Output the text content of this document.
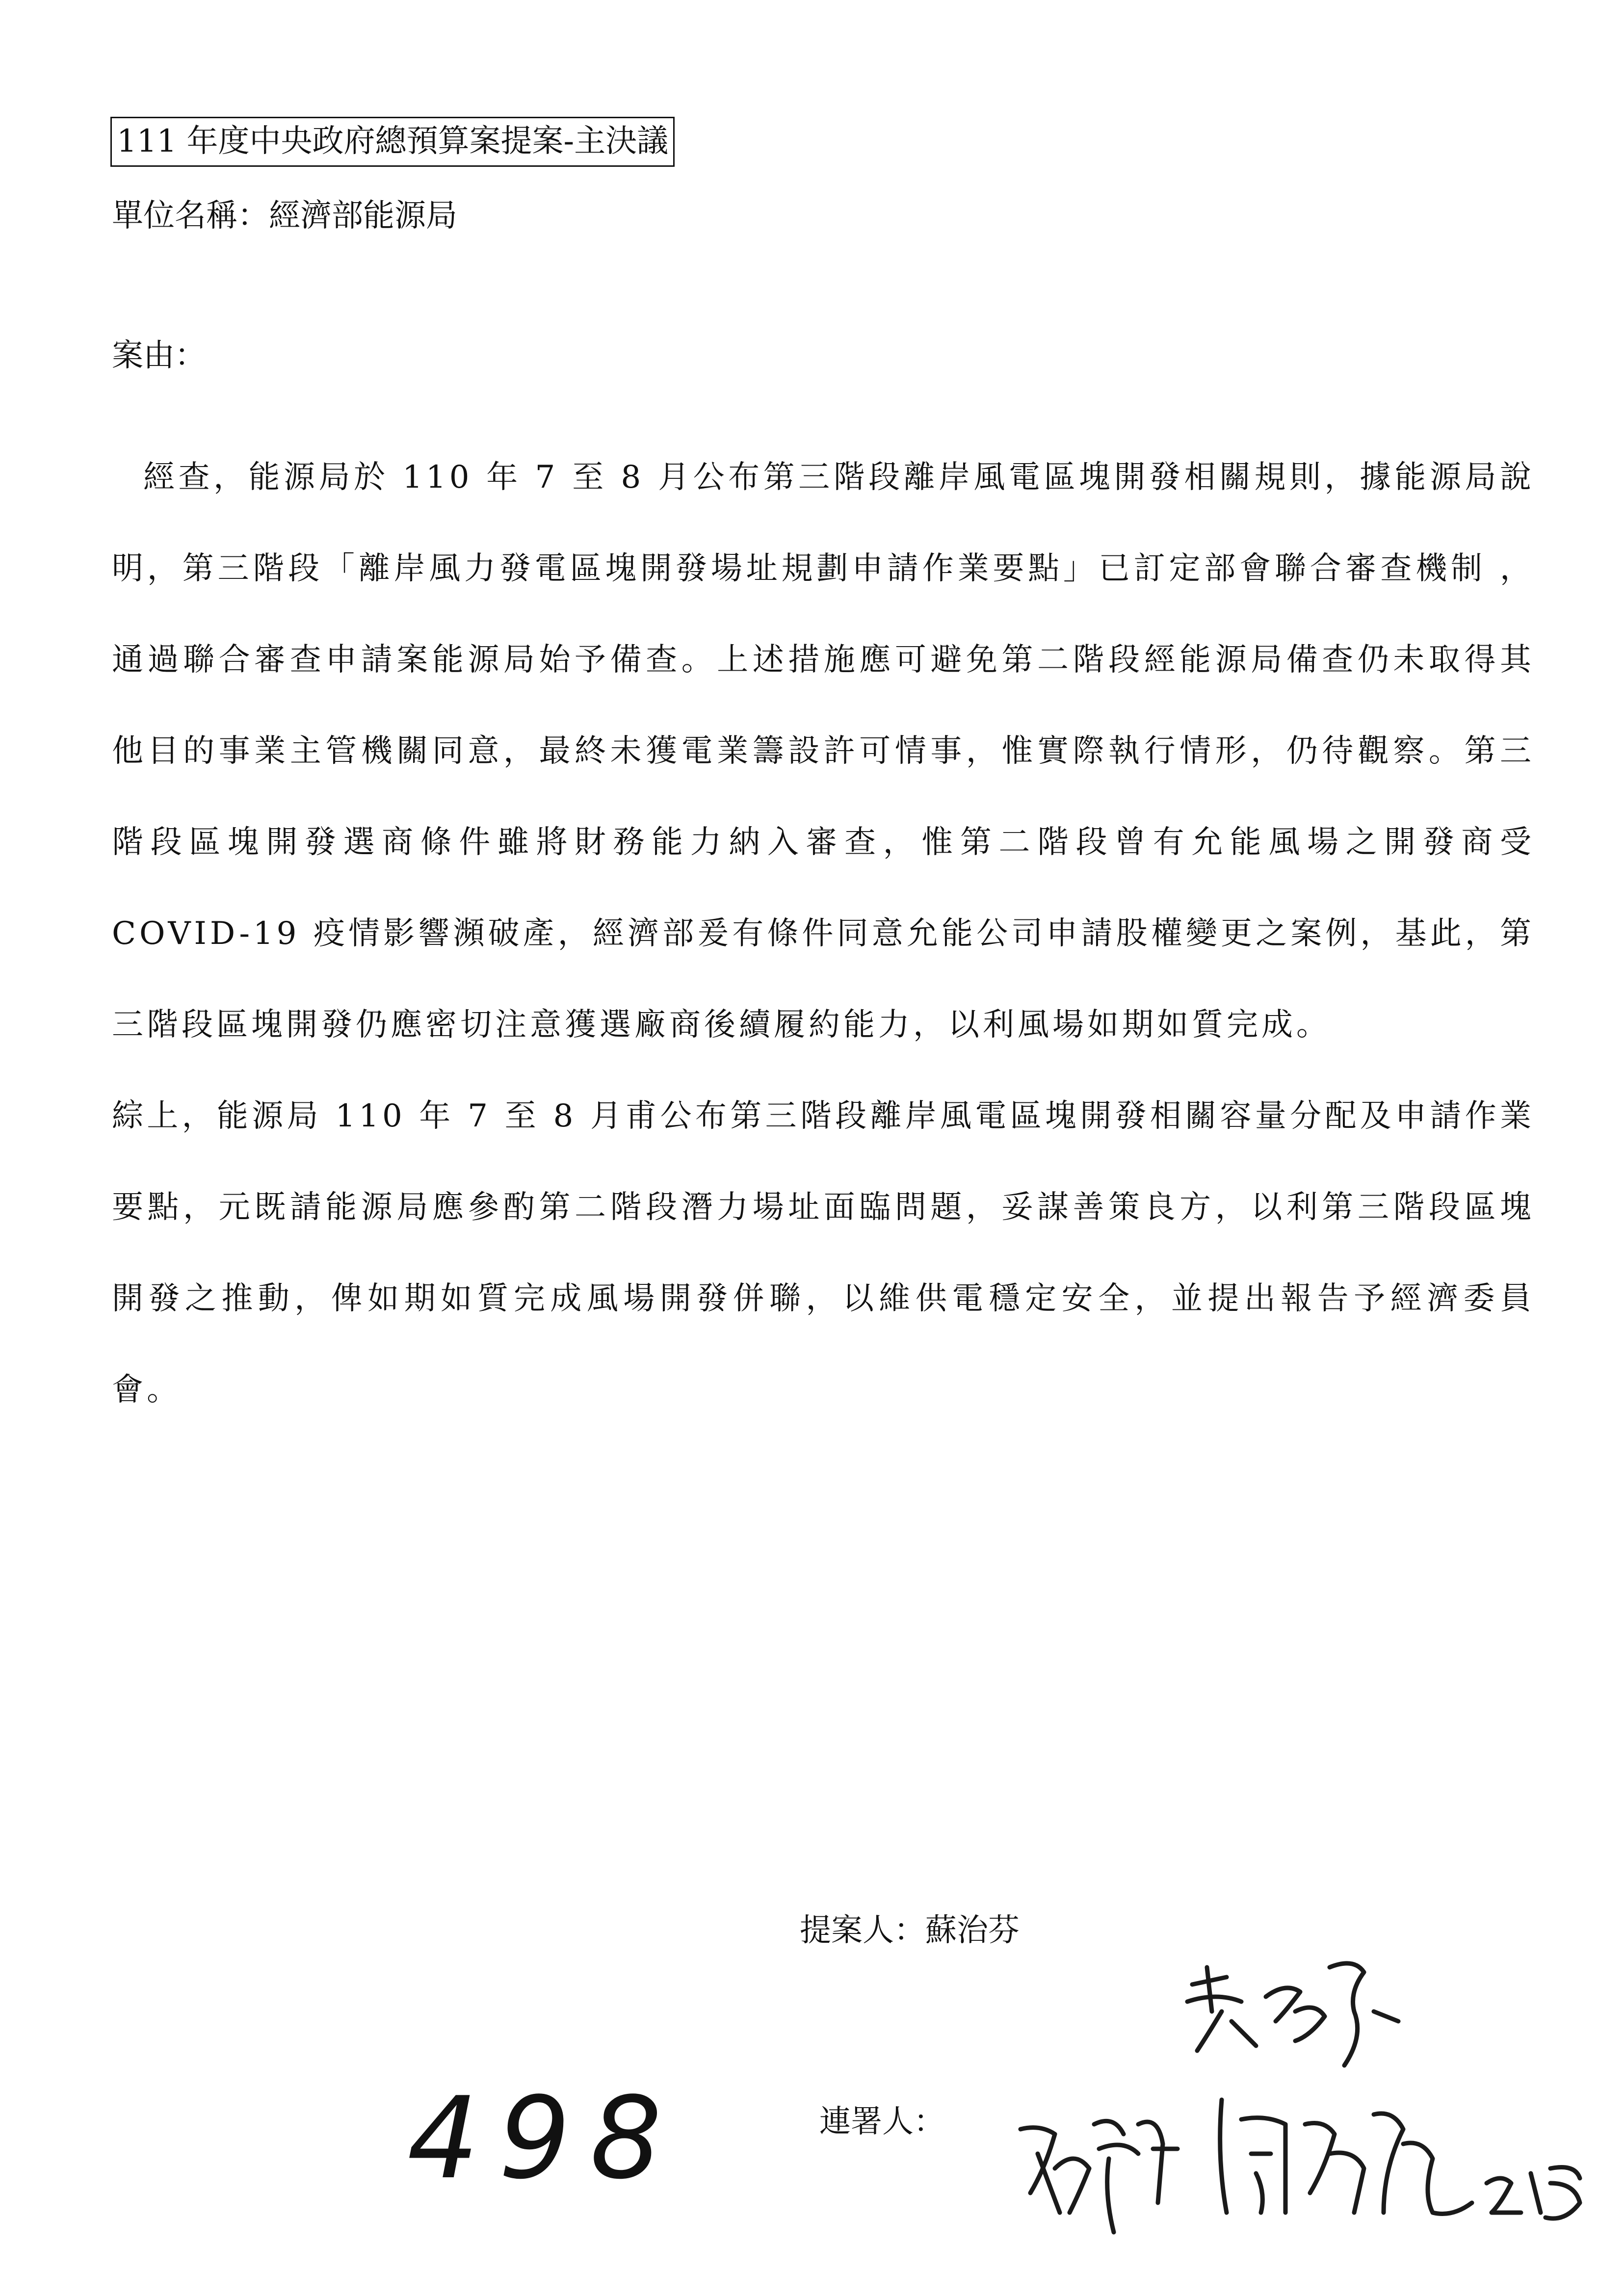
111 年度中央政府總預算案提案-主決議
單位名稱：經濟部能源局
案由：

經查，能源局於 110 年 7 至 8 月公布第三階段離岸風電區塊開發相關規則，據能源局說明，第三階段「離岸風力發電區塊開發場址規劃申請作業要點」已訂定部會聯合審查機制 ，通過聯合審查申請案能源局始予備查。上述措施應可避免第二階段經能源局備查仍未取得其他目的事業主管機關同意，最終未獲電業籌設許可情事，惟實際執行情形，仍待觀察。第三階段區塊開發選商條件雖將財務能力納入審查，惟第二階段曾有允能風場之開發商受 COVID-19 疫情影響瀕破產，經濟部爰有條件同意允能公司申請股權變更之案例，基此，第三階段區塊開發仍應密切注意獲選廠商後續履約能力，以利風場如期如質完成。

綜上，能源局 110 年 7 至 8 月甫公布第三階段離岸風電區塊開發相關容量分配及申請作業要點，元既請能源局應參酌第二階段潛力場址面臨問題，妥謀善策良方，以利第三階段區塊開發之推動，俾如期如質完成風場開發併聯，以維供電穩定安全，並提出報告予經濟委員會。

提案人：蘇治芬
連署人：
498
